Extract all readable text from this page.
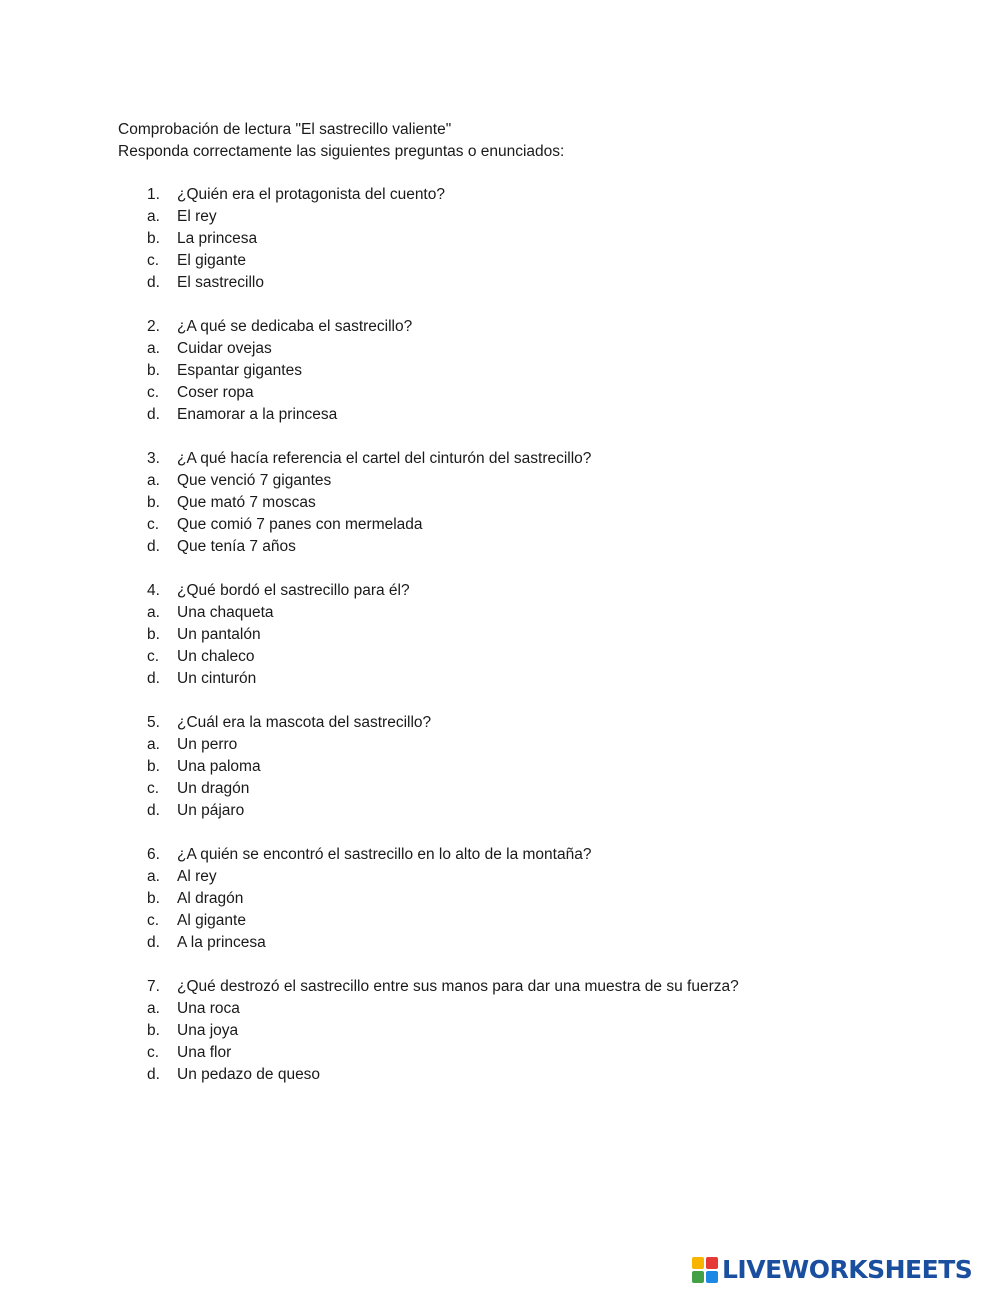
Comprobación de lectura "El sastrecillo valiente"
Responda correctamente las siguientes preguntas o enunciados:
1. ¿Quién era el protagonista del cuento?
a. El rey
b. La princesa
c. El gigante
d. El sastrecillo
2. ¿A qué se dedicaba el sastrecillo?
a. Cuidar ovejas
b. Espantar gigantes
c. Coser ropa
d. Enamorar a la princesa
3. ¿A qué hacía referencia el cartel del cinturón del sastrecillo?
a. Que venció 7 gigantes
b. Que mató 7 moscas
c. Que comió 7 panes con mermelada
d. Que tenía 7 años
4. ¿Qué bordó el sastrecillo para él?
a. Una chaqueta
b. Un pantalón
c. Un chaleco
d. Un cinturón
5. ¿Cuál era la mascota del sastrecillo?
a. Un perro
b. Una paloma
c. Un dragón
d. Un pájaro
6. ¿A quién se encontró el sastrecillo en lo alto de la montaña?
a. Al rey
b. Al dragón
c. Al gigante
d. A la princesa
7. ¿Qué destrozó el sastrecillo entre sus manos para dar una muestra de su fuerza?
a. Una roca
b. Una joya
c. Una flor
d. Un pedazo de queso
LIVEWORKSHEETS
